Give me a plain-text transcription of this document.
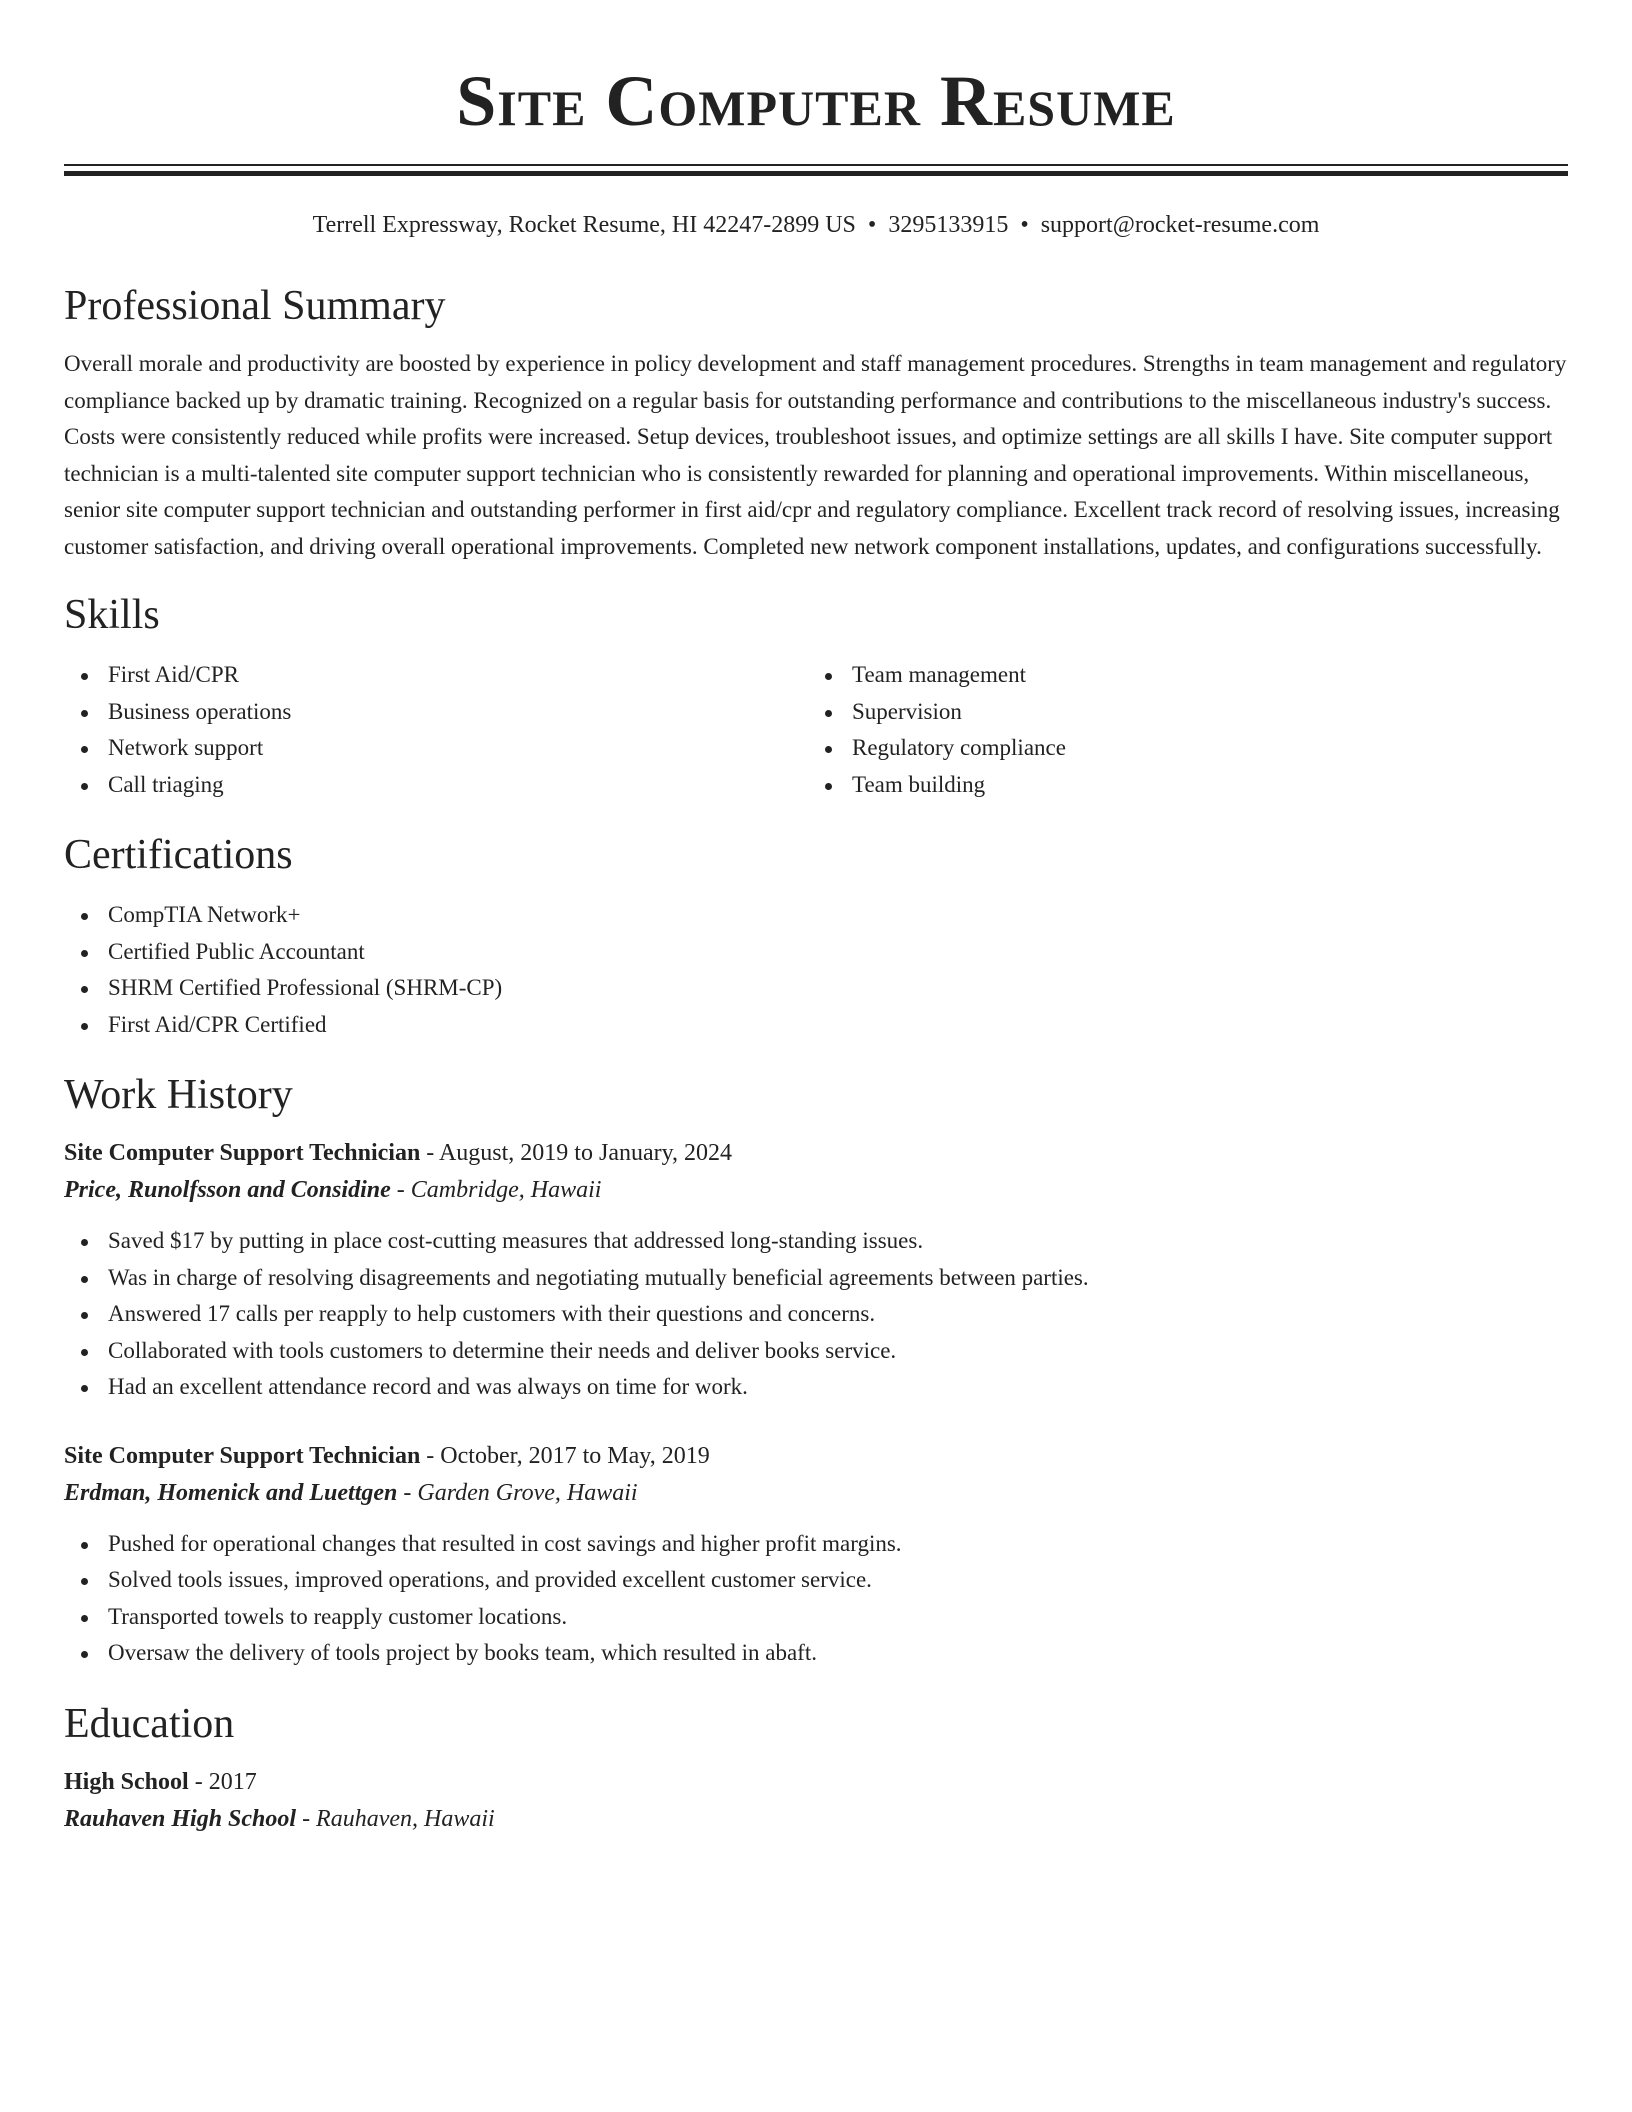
Site Computer Resume
Terrell Expressway, Rocket Resume, HI 42247-2899 US • 3295133915 • support@rocket-resume.com
Professional Summary

Overall morale and productivity are boosted by experience in policy development and staff management procedures. Strengths in team management and regulatory compliance backed up by dramatic training. Recognized on a regular basis for outstanding performance and contributions to the miscellaneous industry's success. Costs were consistently reduced while profits were increased. Setup devices, troubleshoot issues, and optimize settings are all skills I have. Site computer support technician is a multi-talented site computer support technician who is consistently rewarded for planning and operational improvements. Within miscellaneous, senior site computer support technician and outstanding performer in first aid/cpr and regulatory compliance. Excellent track record of resolving issues, increasing customer satisfaction, and driving overall operational improvements. Completed new network component installations, updates, and configurations successfully.

Skills
First Aid/CPR
Business operations
Network support
Call triaging
Team management
Supervision
Regulatory compliance
Team building
Certifications
CompTIA Network+
Certified Public Accountant
SHRM Certified Professional (SHRM-CP)
First Aid/CPR Certified
Work History
Site Computer Support Technician - August, 2019 to January, 2024
Price, Runolfsson and Considine - Cambridge, Hawaii
Saved $17 by putting in place cost-cutting measures that addressed long-standing issues.
Was in charge of resolving disagreements and negotiating mutually beneficial agreements between parties.
Answered 17 calls per reapply to help customers with their questions and concerns.
Collaborated with tools customers to determine their needs and deliver books service.
Had an excellent attendance record and was always on time for work.
Site Computer Support Technician - October, 2017 to May, 2019
Erdman, Homenick and Luettgen - Garden Grove, Hawaii
Pushed for operational changes that resulted in cost savings and higher profit margins.
Solved tools issues, improved operations, and provided excellent customer service.
Transported towels to reapply customer locations.
Oversaw the delivery of tools project by books team, which resulted in abaft.
Education
High School - 2017
Rauhaven High School - Rauhaven, Hawaii
